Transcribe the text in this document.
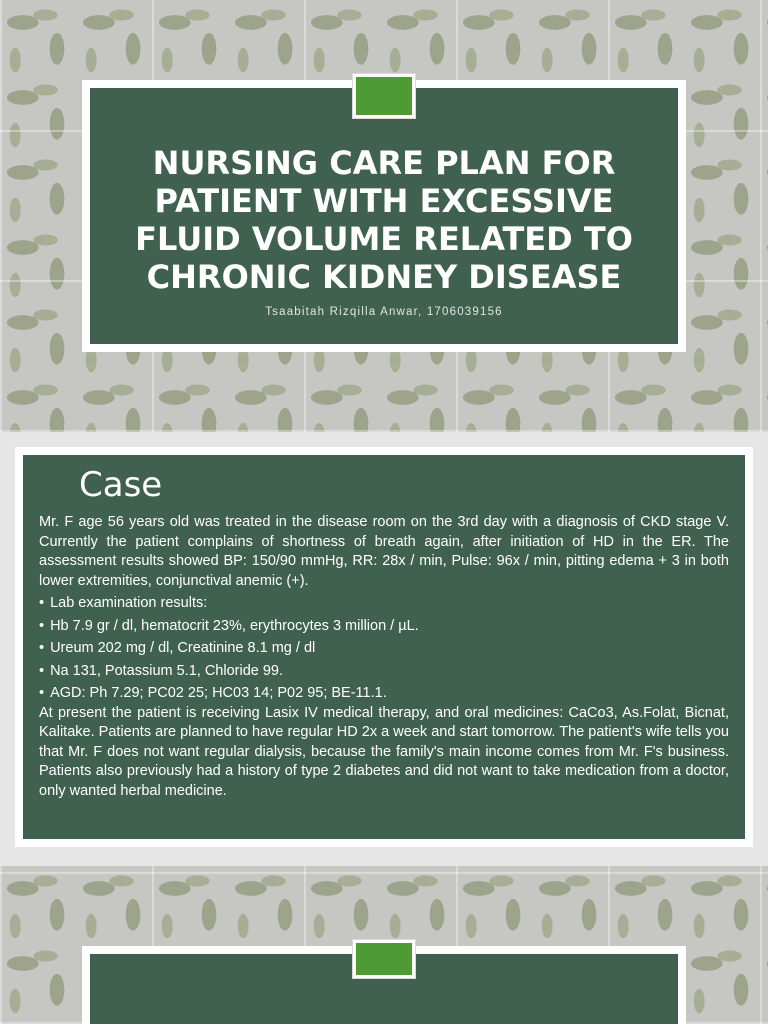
NURSING CARE PLAN FOR PATIENT WITH EXCESSIVE FLUID VOLUME RELATED TO CHRONIC KIDNEY DISEASE
Tsaabitah Rizqilla Anwar, 1706039156
Case

Mr. F age 56 years old was treated in the disease room on the 3rd day with a diagnosis of CKD stage V. Currently the patient complains of shortness of breath again, after initiation of HD in the ER. The assessment results showed BP: 150/90 mmHg, RR: 28x / min, Pulse: 96x / min, pitting edema + 3 in both lower extremities, conjunctival anemic (+).

• Lab examination results:
• Hb 7.9 gr / dl, hematocrit 23%, erythrocytes 3 million / µL.
• Ureum 202 mg / dl, Creatinine 8.1 mg / dl
• Na 131, Potassium 5.1, Chloride 99.
• AGD: Ph 7.29; PC02 25; HC03 14; P02 95; BE-11.1.

At present the patient is receiving Lasix IV medical therapy, and oral medicines: CaCo3, As.Folat, Bicnat, Kalitake. Patients are planned to have regular HD 2x a week and start tomorrow. The patient's wife tells you that Mr. F does not want regular dialysis, because the family's main income comes from Mr. F's business. Patients also previously had a history of type 2 diabetes and did not want to take medication from a doctor, only wanted herbal medicine.
